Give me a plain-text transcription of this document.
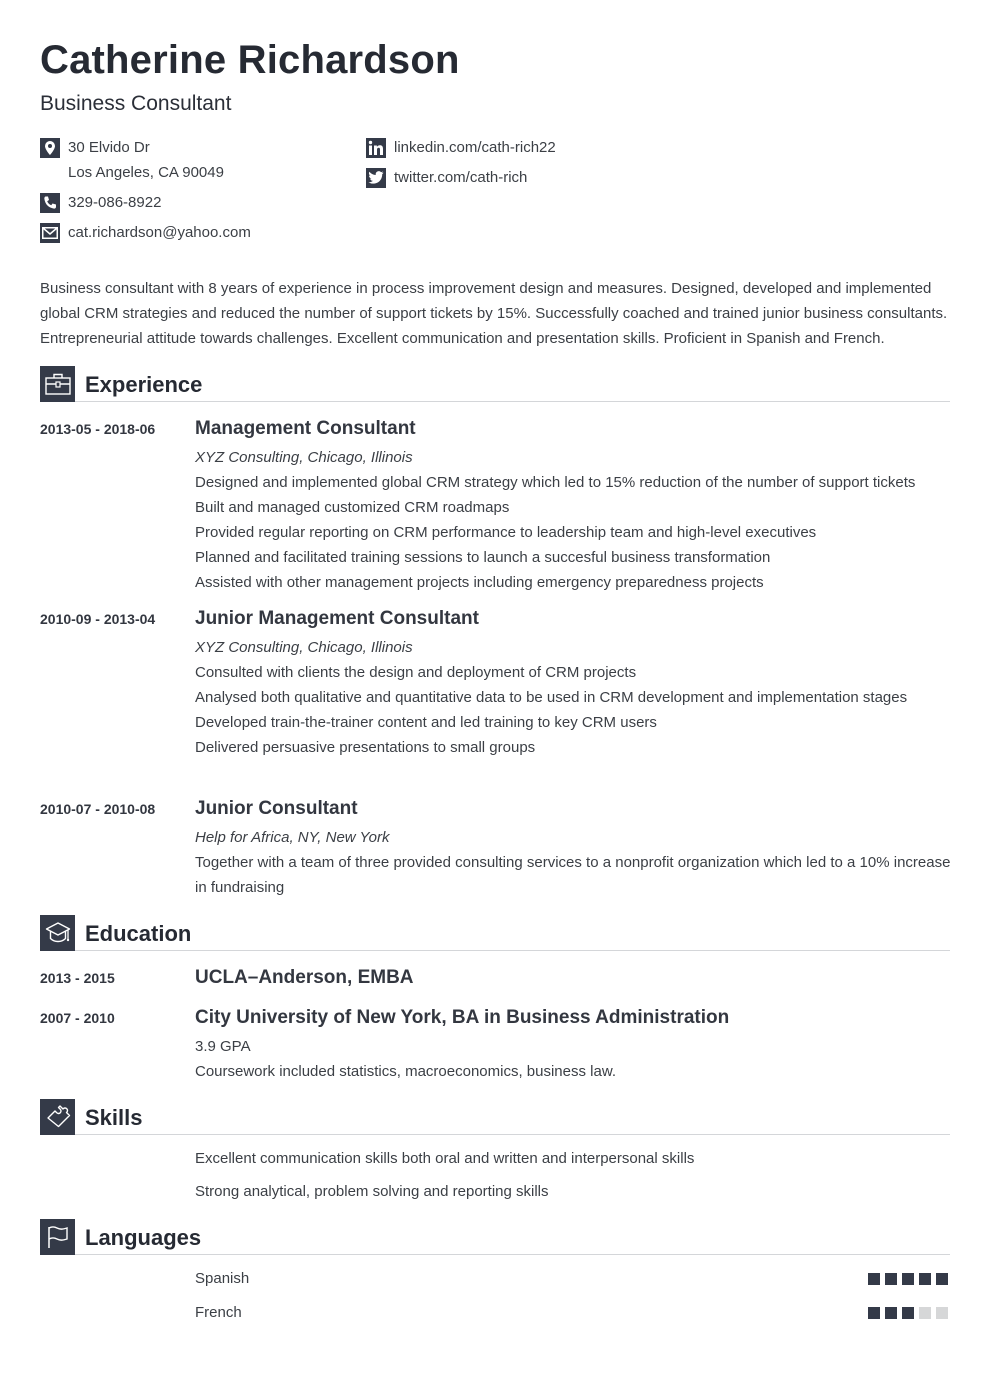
Catherine Richardson
Business Consultant
30 Elvido Dr
Los Angeles, CA 90049
329-086-8922
cat.richardson@yahoo.com
linkedin.com/cath-rich22
twitter.com/cath-rich

Business consultant with 8 years of experience in process improvement design and measures. Designed, developed and implemented global CRM strategies and reduced the number of support tickets by 15%. Successfully coached and trained junior business consultants. Entrepreneurial attitude towards challenges. Excellent communication and presentation skills. Proficient in Spanish and French.

Experience
2013-05 - 2018-06 Management Consultant
XYZ Consulting, Chicago, Illinois
Designed and implemented global CRM strategy which led to 15% reduction of the number of support tickets
Built and managed customized CRM roadmaps
Provided regular reporting on CRM performance to leadership team and high-level executives
Planned and facilitated training sessions to launch a succesful business transformation
Assisted with other management projects including emergency preparedness projects
2010-09 - 2013-04 Junior Management Consultant
XYZ Consulting, Chicago, Illinois
Consulted with clients the design and deployment of CRM projects
Analysed both qualitative and quantitative data to be used in CRM development and implementation stages
Developed train-the-trainer content and led training to key CRM users
Delivered persuasive presentations to small groups
2010-07 - 2010-08 Junior Consultant
Help for Africa, NY, New York
Together with a team of three provided consulting services to a nonprofit organization which led to a 10% increase
in fundraising
Education
2013 - 2015	UCLA–Anderson, EMBA
2007 - 2010	City University of New York, BA in Business Administration
3.9 GPA
Coursework included statistics, macroeconomics, business law.
Skills
Excellent communication skills both oral and written and interpersonal skills
Strong analytical, problem solving and reporting skills
Languages
Spanish
French
